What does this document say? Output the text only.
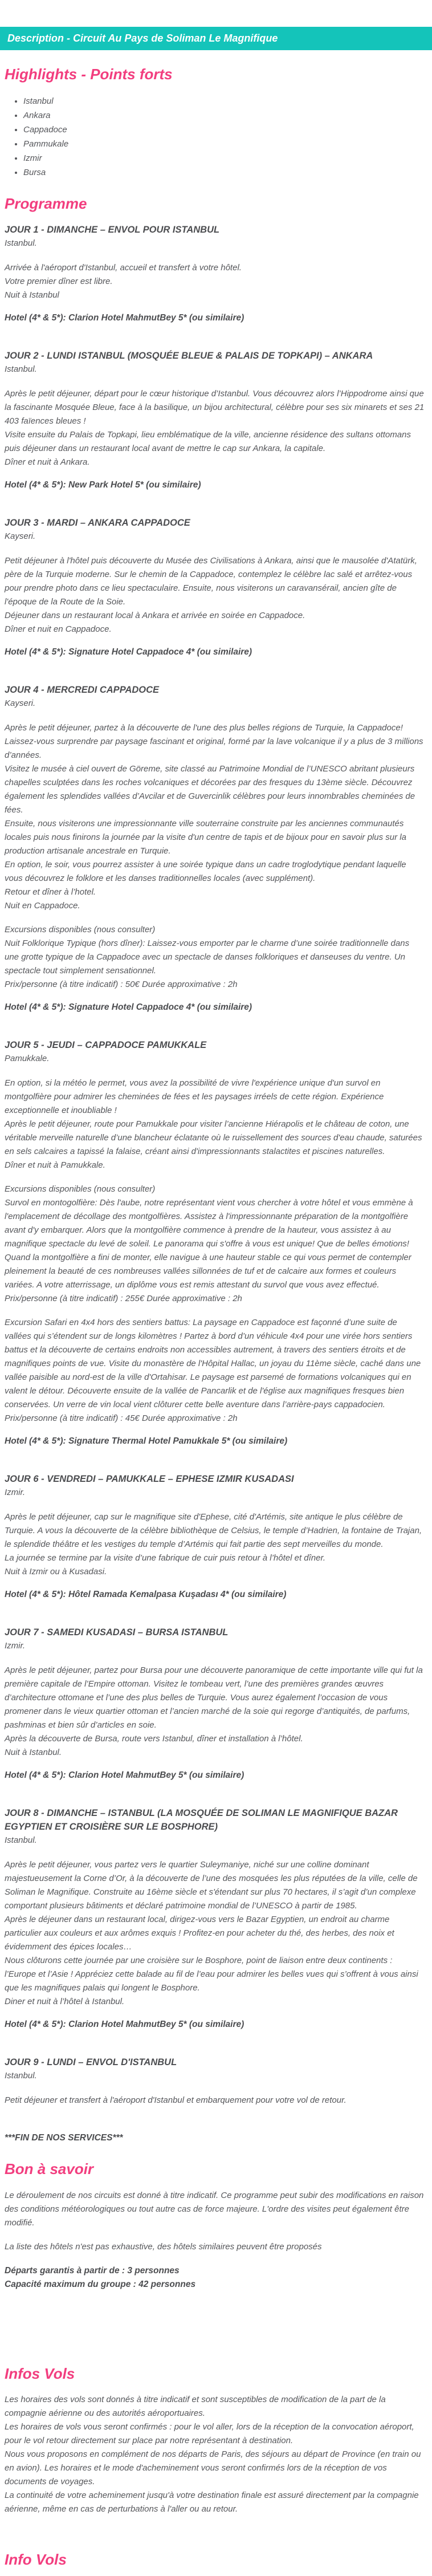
Description - Circuit Au Pays de Soliman Le Magnifique
Highlights - Points forts
• Istanbul
• Ankara
• Cappadoce
• Pammukale
• Izmir
• Bursa
Programme
JOUR 1 - DIMANCHE – ENVOL POUR ISTANBUL

Istanbul.

Arrivée à l'aéroport d'Istanbul, accueil et transfert à votre hôtel.

Votre premier dîner est libre.

Nuit à Istanbul

Hotel (4* & 5*): Clarion Hotel MahmutBey 5* (ou similaire)

JOUR 2 - LUNDI ISTANBUL (MOSQUÉE BLEUE & PALAIS DE TOPKAPI) – ANKARA

Istanbul.

Après le petit déjeuner, départ pour le cœur historique d’Istanbul. Vous découvrez alors l’Hippodrome ainsi que la fascinante Mosquée Bleue, face à la basilique, un bijou architectural, célèbre pour ses six minarets et ses 21 403 faïences bleues !

Visite ensuite du Palais de Topkapi, lieu emblématique de la ville, ancienne résidence des sultans ottomans puis déjeuner dans un restaurant local avant de mettre le cap sur Ankara, la capitale.

Dîner et nuit à Ankara.

Hotel (4* & 5*): New Park Hotel 5* (ou similaire)

JOUR 3 - MARDI – ANKARA CAPPADOCE

Kayseri.

Petit déjeuner à l'hôtel puis découverte du Musée des Civilisations à Ankara, ainsi que le mausolée d'Atatürk, père de la Turquie moderne. Sur le chemin de la Cappadoce, contemplez le célèbre lac salé et arrêtez-vous pour prendre photo dans ce lieu spectaculaire. Ensuite, nous visiterons un caravansérail, ancien gîte de l'époque de la Route de la Soie.

Déjeuner dans un restaurant local à Ankara et arrivée en soirée en Cappadoce.

Dîner et nuit en Cappadoce.

Hotel (4* & 5*): Signature Hotel Cappadoce 4* (ou similaire)

JOUR 4 - MERCREDI CAPPADOCE

Kayseri.

Après le petit déjeuner, partez à la découverte de l'une des plus belles régions de Turquie, la Cappadoce! Laissez-vous surprendre par paysage fascinant et original, formé par la lave volcanique il y a plus de 3 millions d’années.

Visitez le musée à ciel ouvert de Göreme, site classé au Patrimoine Mondial de l’UNESCO abritant plusieurs chapelles sculptées dans les roches volcaniques et décorées par des fresques du 13ème siècle. Découvrez également les splendides vallées d’Avcilar et de Guvercinlik célèbres pour leurs innombrables cheminées de fées.

Ensuite, nous visiterons une impressionnante ville souterraine construite par les anciennes communautés locales puis nous finirons la journée par la visite d'un centre de tapis et de bijoux pour en savoir plus sur la production artisanale ancestrale en Turquie.

En option, le soir, vous pourrez assister à une soirée typique dans un cadre troglodytique pendant laquelle vous découvrez le folklore et les danses traditionnelles locales (avec supplément).

Retour et dîner à l’hotel.

Nuit en Cappadoce.

Excursions disponibles (nous consulter)

Nuit Folklorique Typique (hors dîner): Laissez-vous emporter par le charme d’une soirée traditionnelle dans une grotte typique de la Cappadoce avec un spectacle de danses folkloriques et danseuses du ventre. Un spectacle tout simplement sensationnel.

Prix/personne (à titre indicatif) : 50€ Durée approximative : 2h

Hotel (4* & 5*): Signature Hotel Cappadoce 4* (ou similaire)

JOUR 5 - JEUDI – CAPPADOCE PAMUKKALE

Pamukkale.

En option, si la météo le permet, vous avez la possibilité de vivre l'expérience unique d'un survol en montgolfière pour admirer les cheminées de fées et les paysages irréels de cette région. Expérience exceptionnelle et inoubliable !

Après le petit déjeuner, route pour Pamukkale pour visiter l’ancienne Hiérapolis et le château de coton, une véritable merveille naturelle d’une blancheur éclatante où le ruissellement des sources d'eau chaude, saturées en sels calcaires a tapissé la falaise, créant ainsi d'impressionnants stalactites et piscines naturelles.

Dîner et nuit à Pamukkale.

Excursions disponibles (nous consulter)

Survol en montogolfière: Dès l'aube, notre représentant vient vous chercher à votre hôtel et vous emmène à l'emplacement de décollage des montgolfières. Assistez à l'impressionnante préparation de la montgolfière avant d'y embarquer. Alors que la montgolfière commence à prendre de la hauteur, vous assistez à au magnifique spectacle du levé de soleil. Le panorama qui s'offre à vous est unique! Que de belles émotions! Quand la montgolfière a fini de monter, elle navigue à une hauteur stable ce qui vous permet de contempler pleinement la beauté de ces nombreuses vallées sillonnées de tuf et de calcaire aux formes et couleurs variées. A votre atterrissage, un diplôme vous est remis attestant du survol que vous avez effectué.

Prix/personne (à titre indicatif) : 255€ Durée approximative : 2h

Excursion Safari en 4x4 hors des sentiers battus: La paysage en Cappadoce est façonné d’une suite de vallées qui s’étendent sur de longs kilomètres ! Partez à bord d’un véhicule 4x4 pour une virée hors sentiers battus et la découverte de certains endroits non accessibles autrement, à travers des sentiers étroits et de magnifiques points de vue. Visite du monastère de l'Hôpital Hallac, un joyau du 11ème siècle, caché dans une vallée paisible au nord-est de la ville d'Ortahisar. Le paysage est parsemé de formations volcaniques qui en valent le détour. Découverte ensuite de la vallée de Pancarlik et de l'église aux magnifiques fresques bien conservées. Un verre de vin local vient clôturer cette belle aventure dans l’arrière-pays cappadocien.

Prix/personne (à titre indicatif) : 45€ Durée approximative : 2h

Hotel (4* & 5*): Signature Thermal Hotel Pamukkale 5* (ou similaire)

JOUR 6 - VENDREDI – PAMUKKALE – EPHESE IZMIR KUSADASI

Izmir.

Après le petit déjeuner, cap sur le magnifique site d'Ephese, cité d'Artémis, site antique le plus célèbre de Turquie. A vous la découverte de la célèbre bibliothèque de Celsius, le temple d’Hadrien, la fontaine de Trajan, le splendide théâtre et les vestiges du temple d’Artémis qui fait partie des sept merveilles du monde.

La journée se termine par la visite d’une fabrique de cuir puis retour à l’hôtel et dîner.

Nuit à Izmir ou à Kusadasi.

Hotel (4* & 5*): Hôtel Ramada Kemalpasa Kuşadası 4* (ou similaire)

JOUR 7 - SAMEDI KUSADASI – BURSA ISTANBUL

Izmir.

Après le petit déjeuner, partez pour Bursa pour une découverte panoramique de cette importante ville qui fut la première capitale de l’Empire ottoman. Visitez le tombeau vert, l’une des premières grandes œuvres d’architecture ottomane et l’une des plus belles de Turquie. Vous aurez également l’occasion de vous promener dans le vieux quartier ottoman et l’ancien marché de la soie qui regorge d’antiquités, de parfums, pashminas et bien sûr d’articles en soie.

Après la découverte de Bursa, route vers Istanbul, dîner et installation à l’hôtel.

Nuit à Istanbul.

Hotel (4* & 5*): Clarion Hotel MahmutBey 5* (ou similaire)

JOUR 8 - DIMANCHE – ISTANBUL (LA MOSQUÉE DE SOLIMAN LE MAGNIFIQUE BAZAR EGYPTIEN ET CROISIÈRE SUR LE BOSPHORE)

Istanbul.

Après le petit déjeuner, vous partez vers le quartier Suleymaniye, niché sur une colline dominant majestueusement la Corne d’Or, à la découverte de l’une des mosquées les plus réputées de la ville, celle de Soliman le Magnifique. Construite au 16ème siècle et s'étendant sur plus 70 hectares, il s’agit d’un complexe comportant plusieurs bâtiments et déclaré patrimoine mondial de l’UNESCO à partir de 1985.

Après le déjeuner dans un restaurant local, dirigez-vous vers le Bazar Egyptien, un endroit au charme particulier aux couleurs et aux arômes exquis ! Profitez-en pour acheter du thé, des herbes, des noix et évidemment des épices locales…

Nous clôturons cette journée par une croisière sur le Bosphore, point de liaison entre deux continents : l’Europe et l’Asie ! Appréciez cette balade au fil de l’eau pour admirer les belles vues qui s’offrent à vous ainsi que les magnifiques palais qui longent le Bosphore.

Diner et nuit à l’hôtel à Istanbul.

Hotel (4* & 5*): Clarion Hotel MahmutBey 5* (ou similaire)

JOUR 9 - LUNDI – ENVOL D'ISTANBUL

Istanbul.

Petit déjeuner et transfert à l'aéroport d'Istanbul et embarquement pour votre vol de retour.

***FIN DE NOS SERVICES***

Bon à savoir

Le déroulement de nos circuits est donné à titre indicatif. Ce programme peut subir des modifications en raison des conditions météorologiques ou tout autre cas de force majeure. L'ordre des visites peut également être modifié.

La liste des hôtels n'est pas exhaustive, des hôtels similaires peuvent être proposés

Départs garantis à partir de : 3 personnes

Capacité maximum du groupe : 42 personnes

Infos Vols

Les horaires des vols sont donnés à titre indicatif et sont susceptibles de modification de la part de la compagnie aérienne ou des autorités aéroportuaires.

Les horaires de vols vous seront confirmés : pour le vol aller, lors de la réception de la convocation aéroport, pour le vol retour directement sur place par notre représentant à destination.

Nous vous proposons en complément de nos départs de Paris, des séjours au départ de Province (en train ou en avion). Les horaires et le mode d'acheminement vous seront confirmés lors de la réception de vos documents de voyages.

La continuité de votre acheminement jusqu'à votre destination finale est assuré directement par la compagnie aérienne, même en cas de perturbations à l'aller ou au retour.

Info Vols
